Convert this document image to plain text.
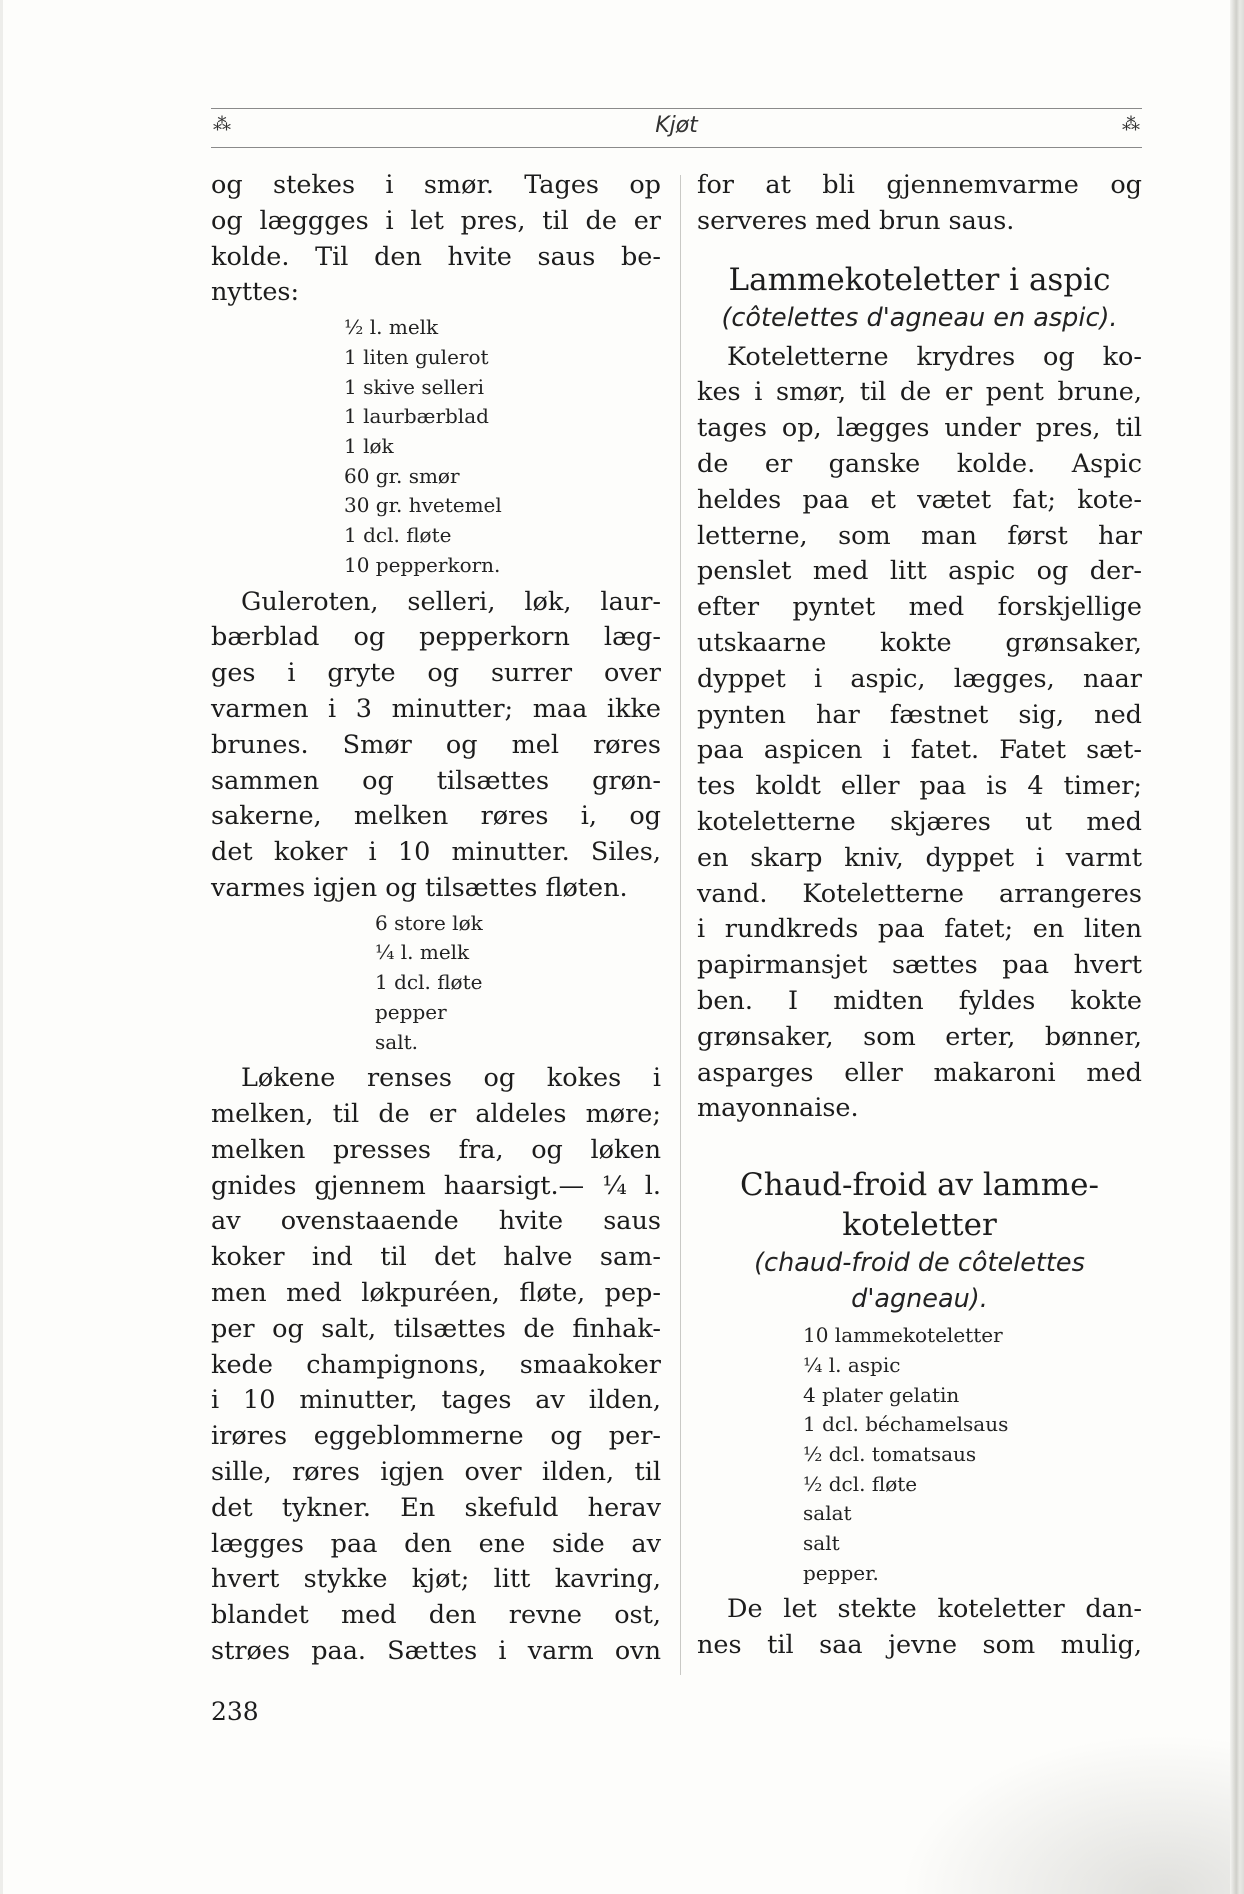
⁂	Kjøt	⁂

og stekes i smør. Tages op

og læggges i let pres, til de er

kolde. Til den hvite saus be-

nyttes:

½ l. melk
1 liten gulerot
1 skive selleri
1 laurbærblad
1 løk
60 gr. smør
30 gr. hvetemel
1 dcl. fløte
10 pepperkorn.

Guleroten, selleri, løk, laur-

bærblad og pepperkorn læg-

ges i gryte og surrer over

varmen i 3 minutter; maa ikke

brunes. Smør og mel røres

sammen og tilsættes grøn-

sakerne, melken røres i, og

det koker i 10 minutter. Siles,

varmes igjen og tilsættes fløten.

6 store løk
¼ l. melk
1 dcl. fløte
pepper
salt.

Løkene renses og kokes i

melken, til de er aldeles møre;

melken presses fra, og løken

gnides gjennem haarsigt.— ¼ l.

av ovenstaaende hvite saus

koker ind til det halve sam-

men med løkpuréen, fløte, pep-

per og salt, tilsættes de finhak-

kede champignons, smaakoker

i 10 minutter, tages av ilden,

irøres eggeblommerne og per-

sille, røres igjen over ilden, til

det tykner. En skefuld herav

lægges paa den ene side av

hvert stykke kjøt; litt kavring,

blandet med den revne ost,

strøes paa. Sættes i varm ovn

for at bli gjennemvarme og

serveres med brun saus.

Lammekoteletter i aspic

(côtelettes d'agneau en aspic).

Koteletterne krydres og ko-

kes i smør, til de er pent brune,

tages op, lægges under pres, til

de er ganske kolde. Aspic

heldes paa et vætet fat; kote-

letterne, som man først har

penslet med litt aspic og der-

efter pyntet med forskjellige

utskaarne kokte grønsaker,

dyppet i aspic, lægges, naar

pynten har fæstnet sig, ned

paa aspicen i fatet. Fatet sæt-

tes koldt eller paa is 4 timer;

koteletterne skjæres ut med

en skarp kniv, dyppet i varmt

vand. Koteletterne arrangeres

i rundkreds paa fatet; en liten

papirmansjet sættes paa hvert

ben. I midten fyldes kokte

grønsaker, som erter, bønner,

asparges eller makaroni med

mayonnaise.

Chaud-froid av lamme-
koteletter

(chaud-froid de côtelettes
d'agneau).

10 lammekoteletter
¼ l. aspic
4 plater gelatin
1 dcl. béchamelsaus
½ dcl. tomatsaus
½ dcl. fløte
salat
salt
pepper.

De let stekte koteletter dan-

nes til saa jevne som mulig,

238
